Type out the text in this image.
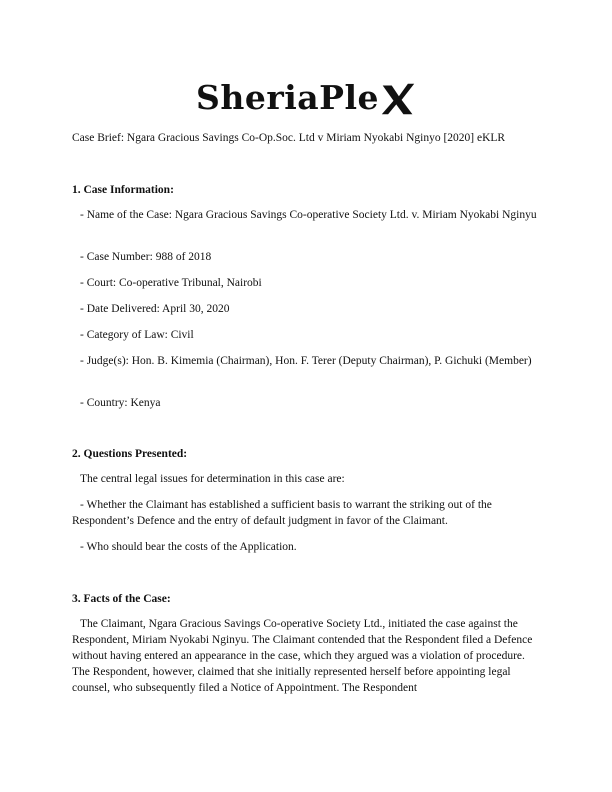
SheriaPle

Case Brief: Ngara Gracious Savings Co-Op.Soc. Ltd v Miriam Nyokabi Nginyo [2020] eKLR

1. Case Information:

- Name of the Case: Ngara Gracious Savings Co-operative Society Ltd. v. Miriam Nyokabi Nginyu

- Case Number: 988 of 2018

- Court: Co-operative Tribunal, Nairobi

- Date Delivered: April 30, 2020

- Category of Law: Civil

- Judge(s): Hon. B. Kimemia (Chairman), Hon. F. Terer (Deputy Chairman), P. Gichuki (Member)

- Country: Kenya

2. Questions Presented:

The central legal issues for determination in this case are:

- Whether the Claimant has established a sufficient basis to warrant the striking out of the Respondent’s Defence and the entry of default judgment in favor of the Claimant.

- Who should bear the costs of the Application.

3. Facts of the Case:

The Claimant, Ngara Gracious Savings Co-operative Society Ltd., initiated the case against the Respondent, Miriam Nyokabi Nginyu. The Claimant contended that the Respondent filed a Defence without having entered an appearance in the case, which they argued was a violation of procedure. The Respondent, however, claimed that she initially represented herself before appointing legal counsel, who subsequently filed a Notice of Appointment. The Respondent
